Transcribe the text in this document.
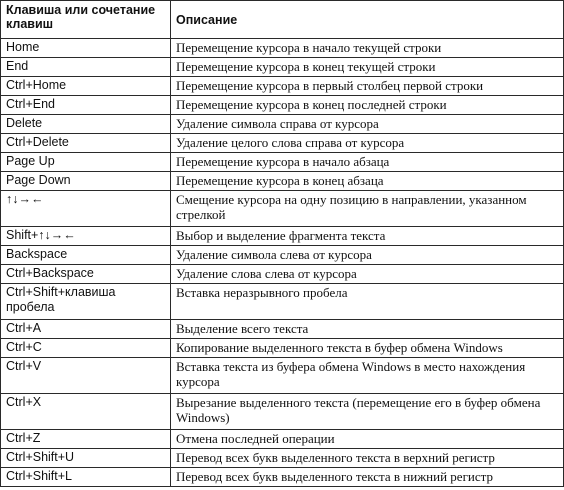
Клавиша или сочетание клавиш	Описание
Home	Перемещение курсора в начало текущей строки
End	Перемещение курсора в конец текущей строки
Ctrl+Home	Перемещение курсора в первый столбец первой строки
Ctrl+End	Перемещение курсора в конец последней строки
Delete	Удаление символа справа от курсора
Ctrl+Delete	Удаление целого слова справа от курсора
Page Up	Перемещение курсора в начало абзаца
Page Down	Перемещение курсора в конец абзаца
↑↓→←	Смещение курсора на одну позицию в направлении, указанном стрелкой
Shift+↑↓→←	Выбор и выделение фрагмента текста
Backspace	Удаление символа слева от курсора
Ctrl+Backspace	Удаление слова слева от курсора
Ctrl+Shift+клавиша пробела	Вставка неразрывного пробела
Ctrl+A	Выделение всего текста
Ctrl+C	Копирование выделенного текста в буфер обмена Windows
Ctrl+V	Вставка текста из буфера обмена Windows в место нахождения курсора
Ctrl+X	Вырезание выделенного текста (перемещение его в буфер обмена Windows)
Ctrl+Z	Отмена последней операции
Ctrl+Shift+U	Перевод всех букв выделенного текста в верхний регистр
Ctrl+Shift+L	Перевод всех букв выделенного текста в нижний регистр
